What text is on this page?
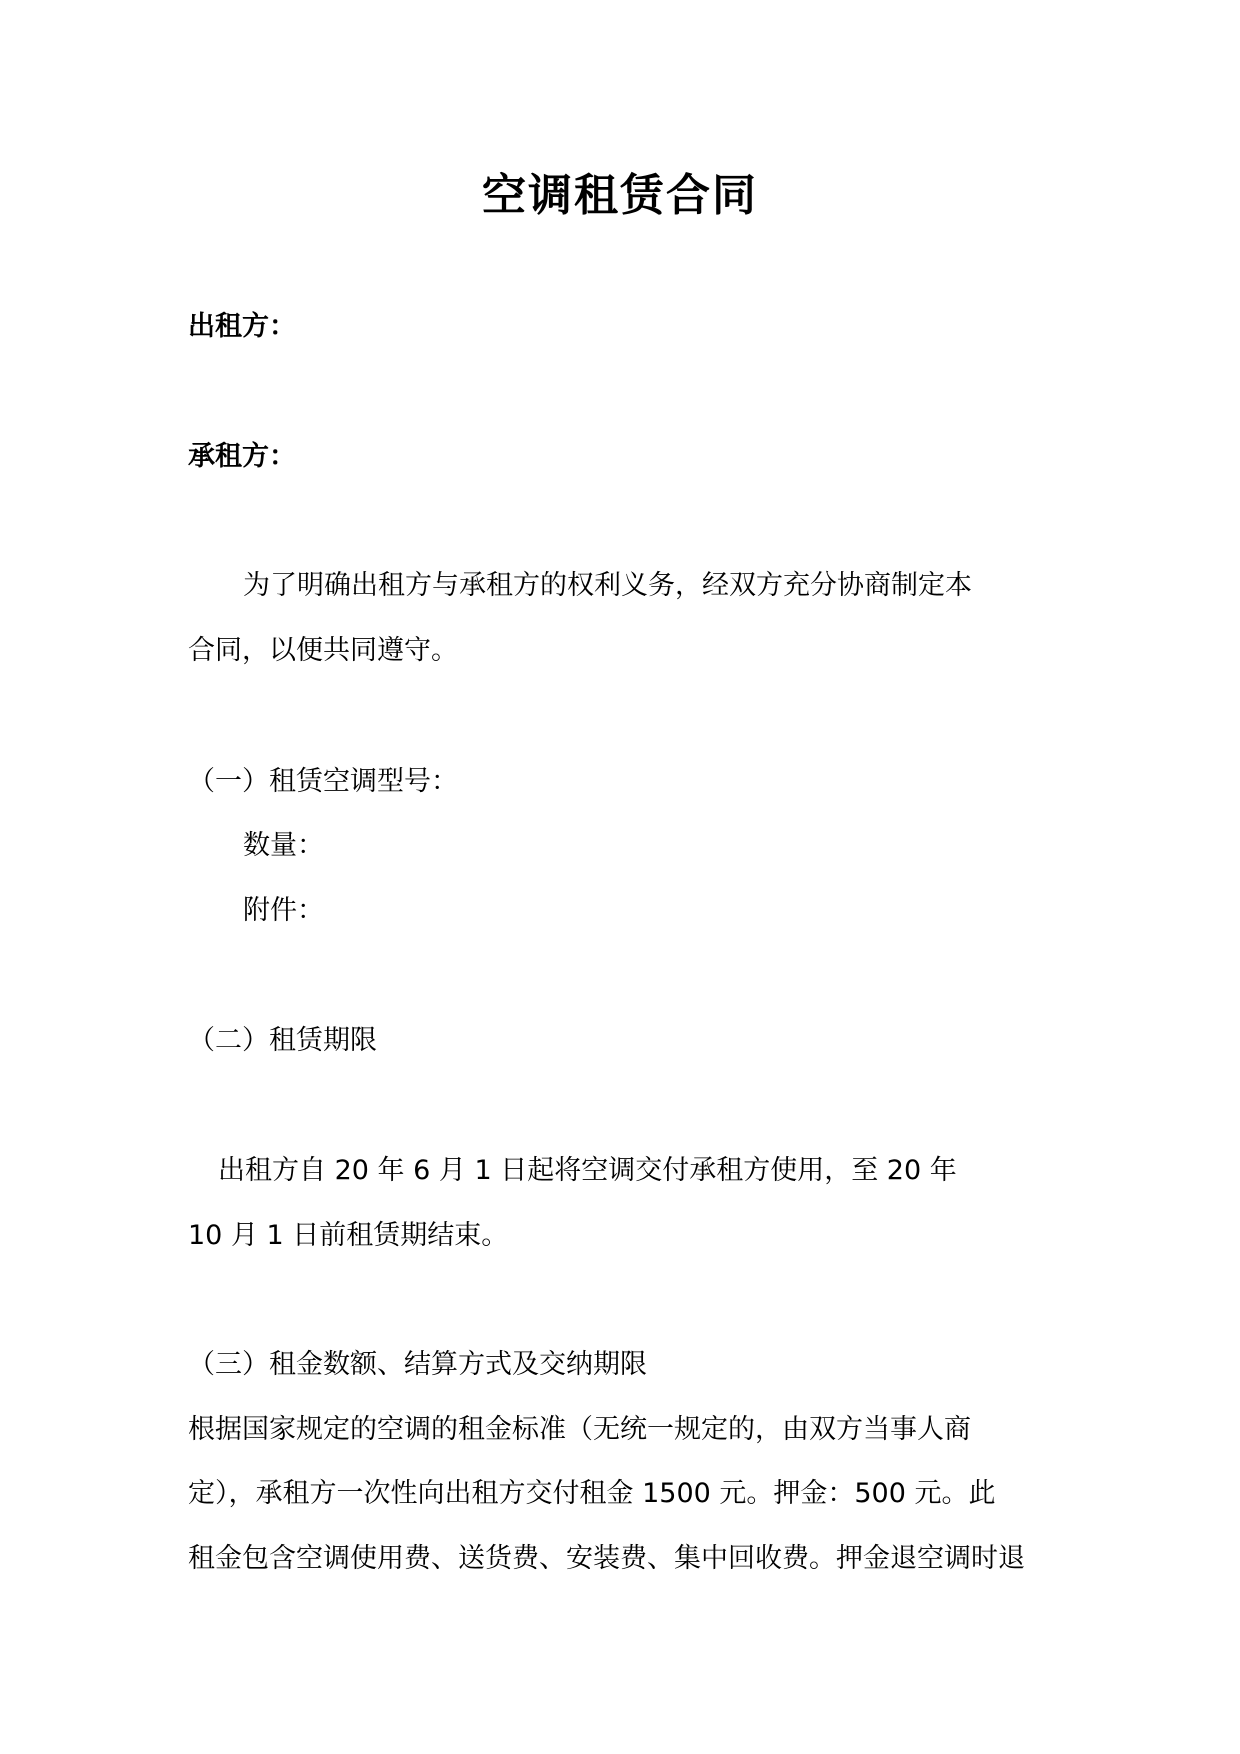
空调租赁合同
出租方：
承租方：
为了明确出租方与承租方的权利义务，经双方充分协商制定本
合同，以便共同遵守。
（一）租赁空调型号：
数量：
附件：
（二）租赁期限
出租方自 20 年 6 月 1 日起将空调交付承租方使用，至 20 年
10 月 1 日前租赁期结束。
（三）租金数额、结算方式及交纳期限
根据国家规定的空调的租金标准（无统一规定的，由双方当事人商
定），承租方一次性向出租方交付租金 1500 元。押金：500 元。此
租金包含空调使用费、送货费、安装费、集中回收费。押金退空调时退
